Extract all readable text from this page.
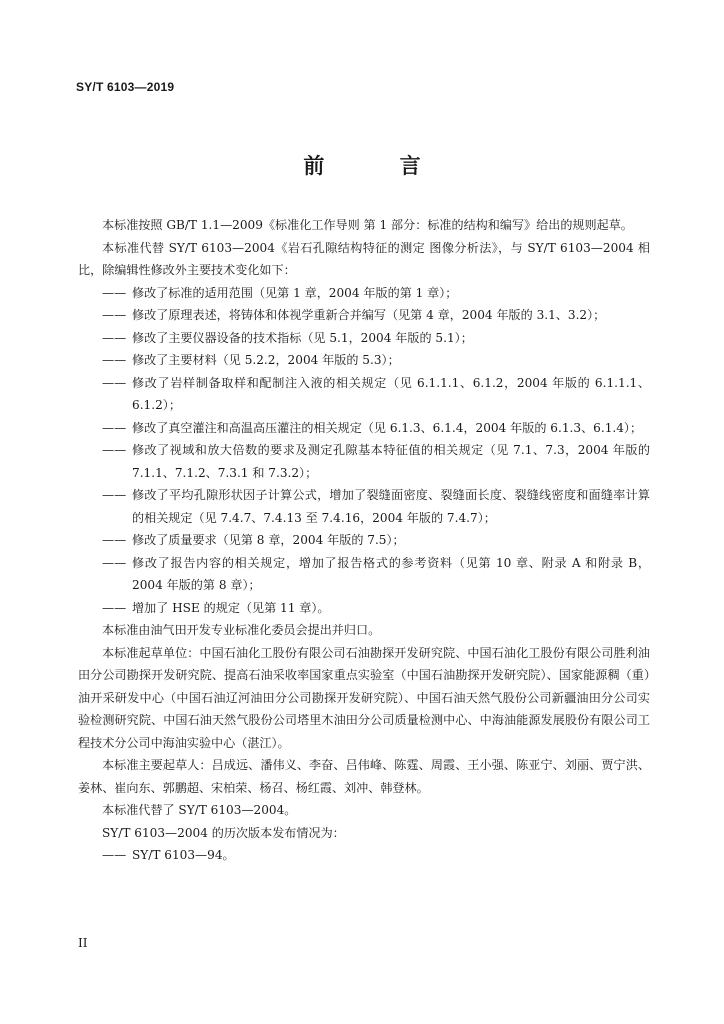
SY/T 6103—2019
前 言

本标准按照 GB/T 1.1—2009《标准化工作导则 第 1 部分：标准的结构和编写》给出的规则起草。

本标准代替 SY/T 6103—2004《岩石孔隙结构特征的测定 图像分析法》，与 SY/T 6103—2004 相比，除编辑性修改外主要技术变化如下：

—— 修改了标准的适用范围（见第 1 章，2004 年版的第 1 章）；
—— 修改了原理表述，将铸体和体视学重新合并编写（见第 4 章，2004 年版的 3.1、3.2）；
—— 修改了主要仪器设备的技术指标（见 5.1，2004 年版的 5.1）；
—— 修改了主要材料（见 5.2.2，2004 年版的 5.3）；
—— 修改了岩样制备取样和配制注入液的相关规定（见 6.1.1.1、6.1.2，2004 年版的 6.1.1.1、6.1.2）；
—— 修改了真空灌注和高温高压灌注的相关规定（见 6.1.3、6.1.4，2004 年版的 6.1.3、6.1.4）；
—— 修改了视域和放大倍数的要求及测定孔隙基本特征值的相关规定（见 7.1、7.3，2004 年版的 7.1.1、7.1.2、7.3.1 和 7.3.2）；
—— 修改了平均孔隙形状因子计算公式，增加了裂缝面密度、裂缝面长度、裂缝线密度和面缝率计算的相关规定（见 7.4.7、7.4.13 至 7.4.16，2004 年版的 7.4.7）；
—— 修改了质量要求（见第 8 章，2004 年版的 7.5）；
—— 修改了报告内容的相关规定，增加了报告格式的参考资料（见第 10 章、附录 A 和附录 B，2004 年版的第 8 章）；
—— 增加了 HSE 的规定（见第 11 章）。

本标准由油气田开发专业标准化委员会提出并归口。

本标准起草单位：中国石油化工股份有限公司石油勘探开发研究院、中国石油化工股份有限公司胜利油田分公司勘探开发研究院、提高石油采收率国家重点实验室（中国石油勘探开发研究院）、国家能源稠（重）油开采研发中心（中国石油辽河油田分公司勘探开发研究院）、中国石油天然气股份公司新疆油田分公司实验检测研究院、中国石油天然气股份公司塔里木油田分公司质量检测中心、中海油能源发展股份有限公司工程技术分公司中海油实验中心（湛江）。

本标准主要起草人：吕成远、潘伟义、李奋、吕伟峰、陈霆、周霞、王小强、陈亚宁、刘丽、贾宁洪、姜林、崔向东、郭鹏超、宋柏荣、杨召、杨红霞、刘冲、韩登林。

本标准代替了 SY/T 6103—2004。

SY/T 6103—2004 的历次版本发布情况为：

—— SY/T 6103—94。
II
